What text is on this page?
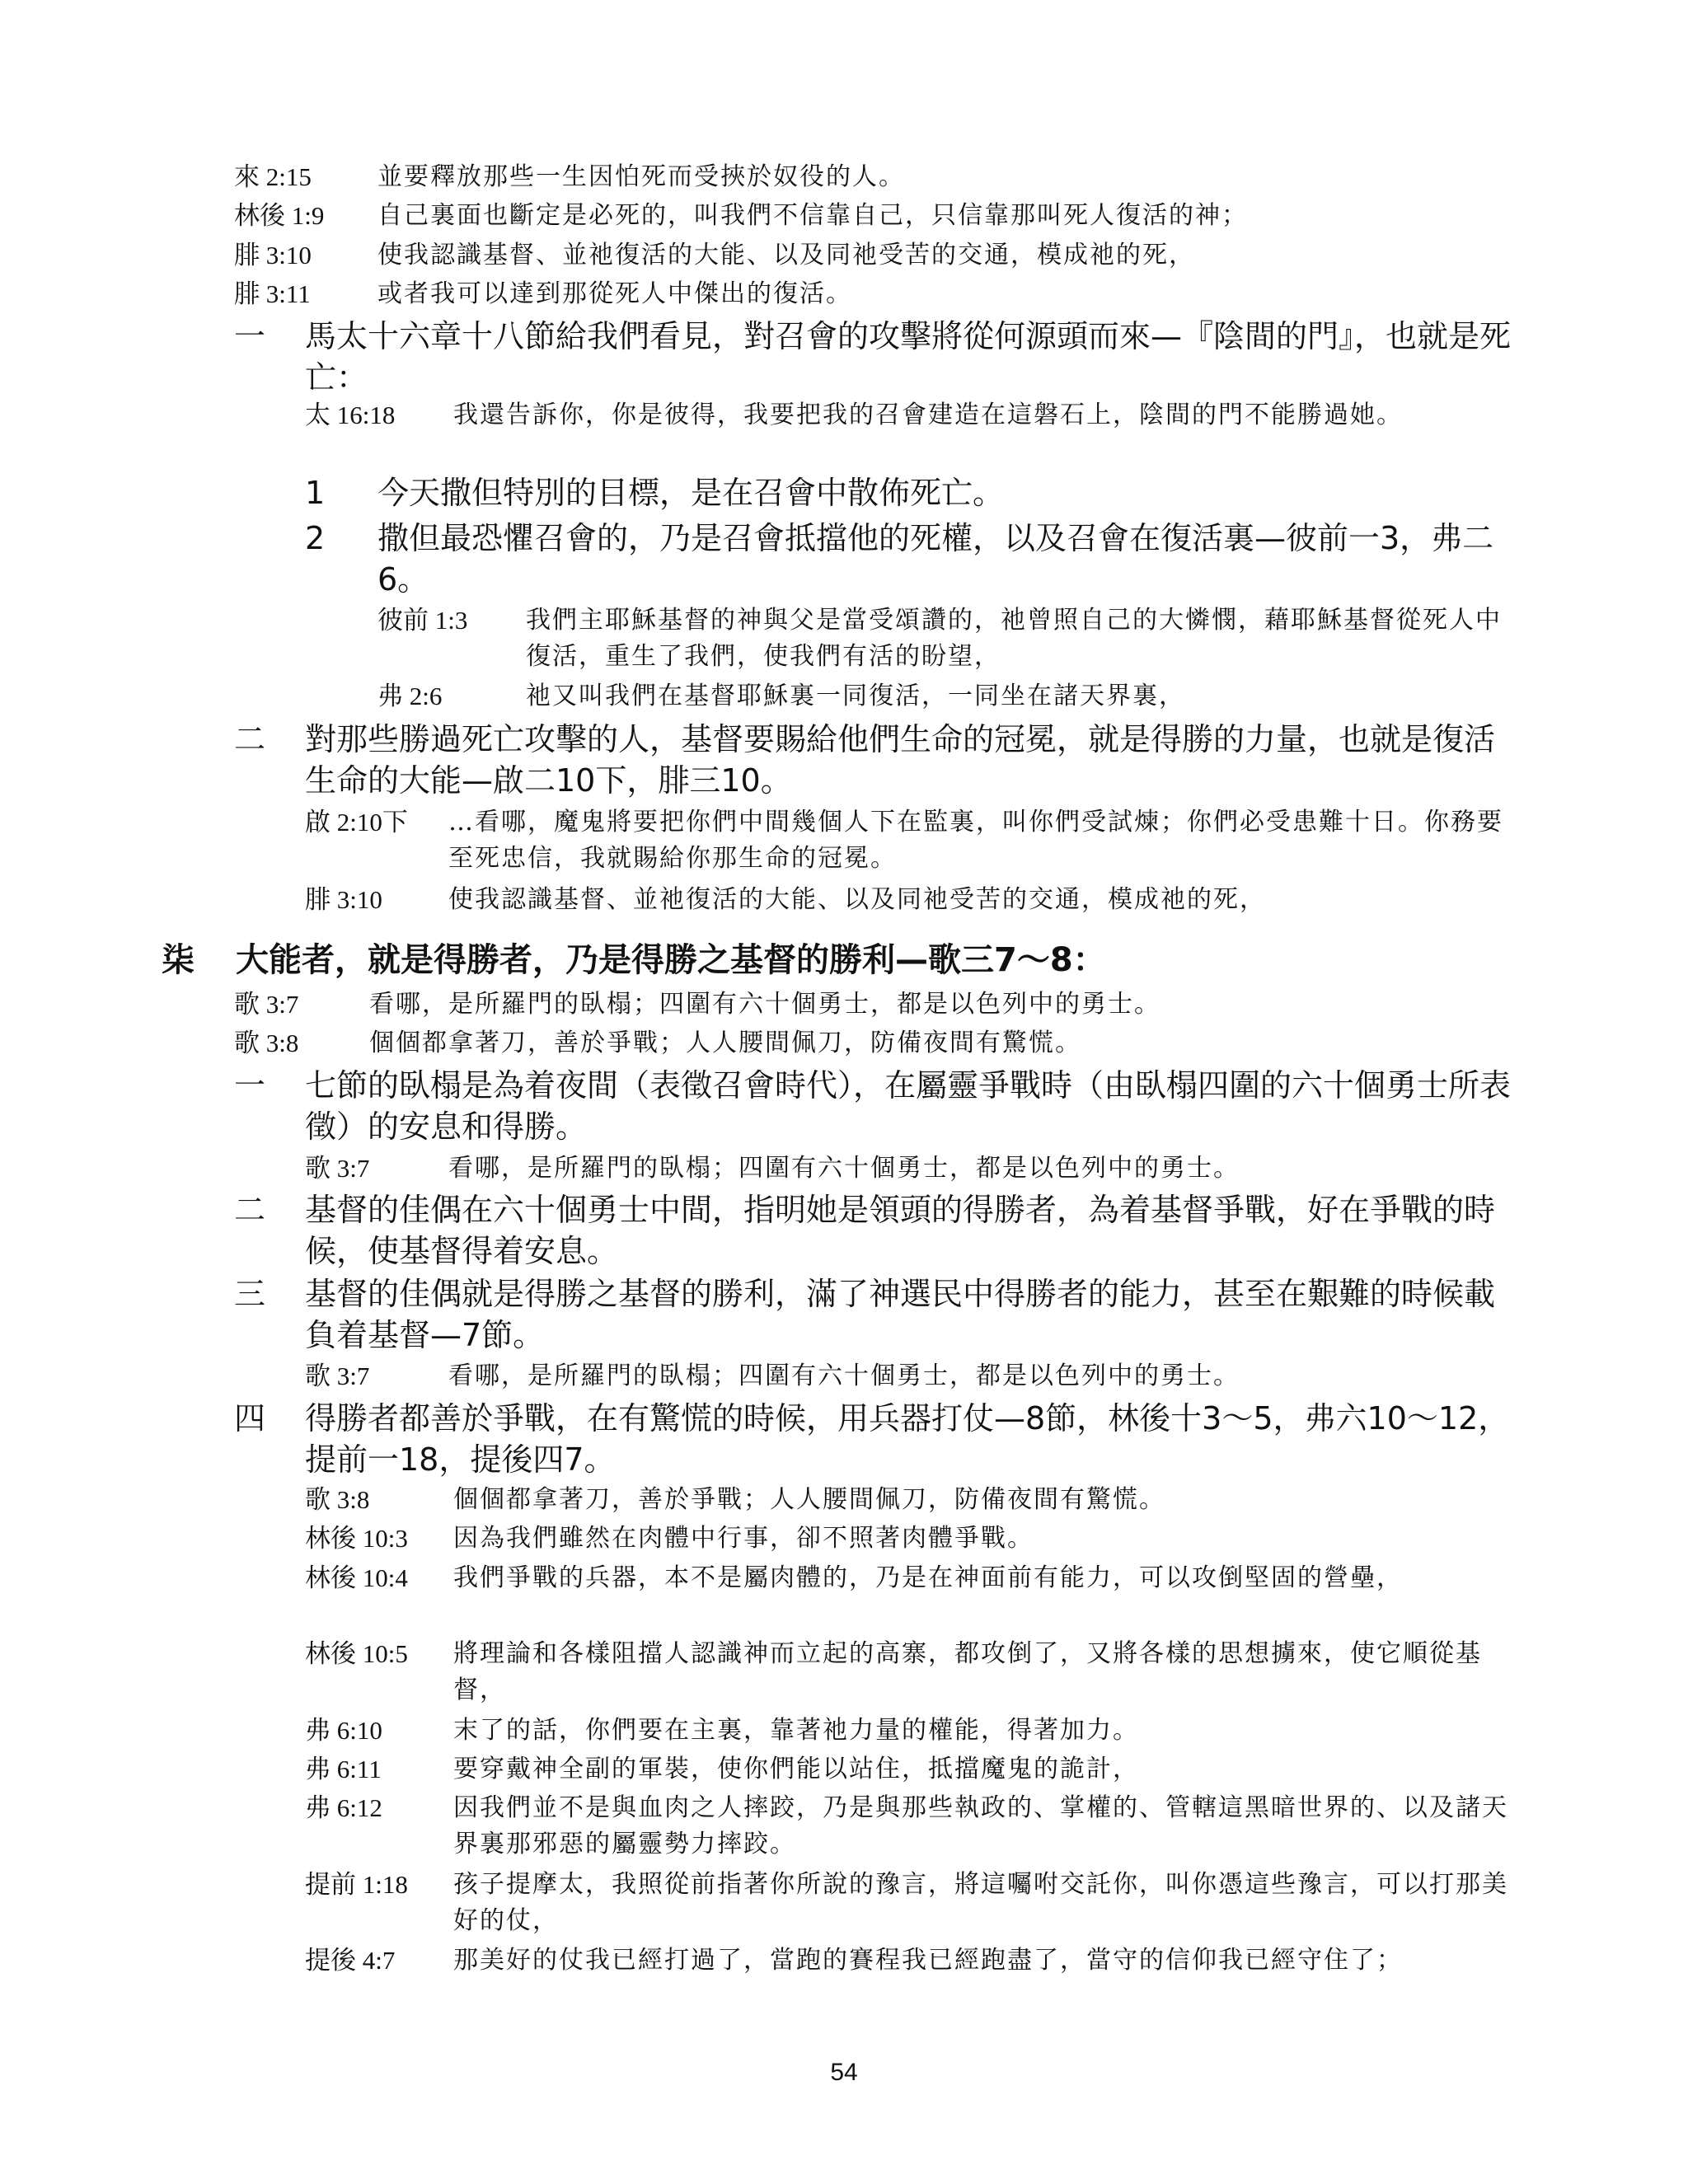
來 2:15	並要釋放那些一生因怕死而受挾於奴役的人。
林後 1:9 自己裏面也斷定是必死的，叫我們不信靠自己，只信靠那叫死人復活的神；
腓 3:10	使我認識基督、並祂復活的大能、以及同祂受苦的交通，模成祂的死，
腓 3:11	或者我可以達到那從死人中傑出的復活。
一 馬太十六章十八節給我們看見，對召會的攻擊將從何源頭而來—『陰間的門』，也就是死亡：
太 16:18 我還告訴你，你是彼得，我要把我的召會建造在這磐石上，陰間的門不能勝過她。
1 今天撒但特別的目標，是在召會中散佈死亡。
2 撒但最恐懼召會的，乃是召會抵擋他的死權，以及召會在復活裏—彼前一3，弗二6。
彼前 1:3 我們主耶穌基督的神與父是當受頌讚的，祂曾照自己的大憐憫，藉耶穌基督從死人中復活，重生了我們，使我們有活的盼望，
弗 2:6	祂又叫我們在基督耶穌裏一同復活，一同坐在諸天界裏，
二 對那些勝過死亡攻擊的人，基督要賜給他們生命的冠冕，就是得勝的力量，也就是復活生命的大能—啟二10下，腓三10。
啟 2:10下 …看哪，魔鬼將要把你們中間幾個人下在監裏，叫你們受試煉；你們必受患難十日。你務要至死忠信，我就賜給你那生命的冠冕。
腓 3:10	使我認識基督、並祂復活的大能、以及同祂受苦的交通，模成祂的死，
柒 大能者，就是得勝者，乃是得勝之基督的勝利—歌三7～8：
歌 3:7	看哪，是所羅門的臥榻；四圍有六十個勇士，都是以色列中的勇士。
歌 3:8	個個都拿著刀，善於爭戰；人人腰間佩刀，防備夜間有驚慌。
一 七節的臥榻是為着夜間（表徵召會時代），在屬靈爭戰時（由臥榻四圍的六十個勇士所表徵）的安息和得勝。
歌 3:7	看哪，是所羅門的臥榻；四圍有六十個勇士，都是以色列中的勇士。
二 基督的佳偶在六十個勇士中間，指明她是領頭的得勝者，為着基督爭戰，好在爭戰的時候，使基督得着安息。
三 基督的佳偶就是得勝之基督的勝利，滿了神選民中得勝者的能力，甚至在艱難的時候載負着基督—7節。
歌 3:7	看哪，是所羅門的臥榻；四圍有六十個勇士，都是以色列中的勇士。
四 得勝者都善於爭戰，在有驚慌的時候，用兵器打仗—8節，林後十3～5，弗六10～12，提前一18，提後四7。
歌 3:8	個個都拿著刀，善於爭戰；人人腰間佩刀，防備夜間有驚慌。
林後 10:3 因為我們雖然在肉體中行事，卻不照著肉體爭戰。
林後 10:4 我們爭戰的兵器，本不是屬肉體的，乃是在神面前有能力，可以攻倒堅固的營壘，
林後 10:5 將理論和各樣阻擋人認識神而立起的高寨，都攻倒了，又將各樣的思想擄來，使它順從基督，
弗 6:10	末了的話，你們要在主裏，靠著祂力量的權能，得著加力。
弗 6:11	要穿戴神全副的軍裝，使你們能以站住，抵擋魔鬼的詭計，
弗 6:12	因我們並不是與血肉之人摔跤，乃是與那些執政的、掌權的、管轄這黑暗世界的、以及諸天界裏那邪惡的屬靈勢力摔跤。
提前 1:18 孩子提摩太，我照從前指著你所說的豫言，將這囑咐交託你，叫你憑這些豫言，可以打那美好的仗，
提後 4:7 那美好的仗我已經打過了，當跑的賽程我已經跑盡了，當守的信仰我已經守住了；
54
